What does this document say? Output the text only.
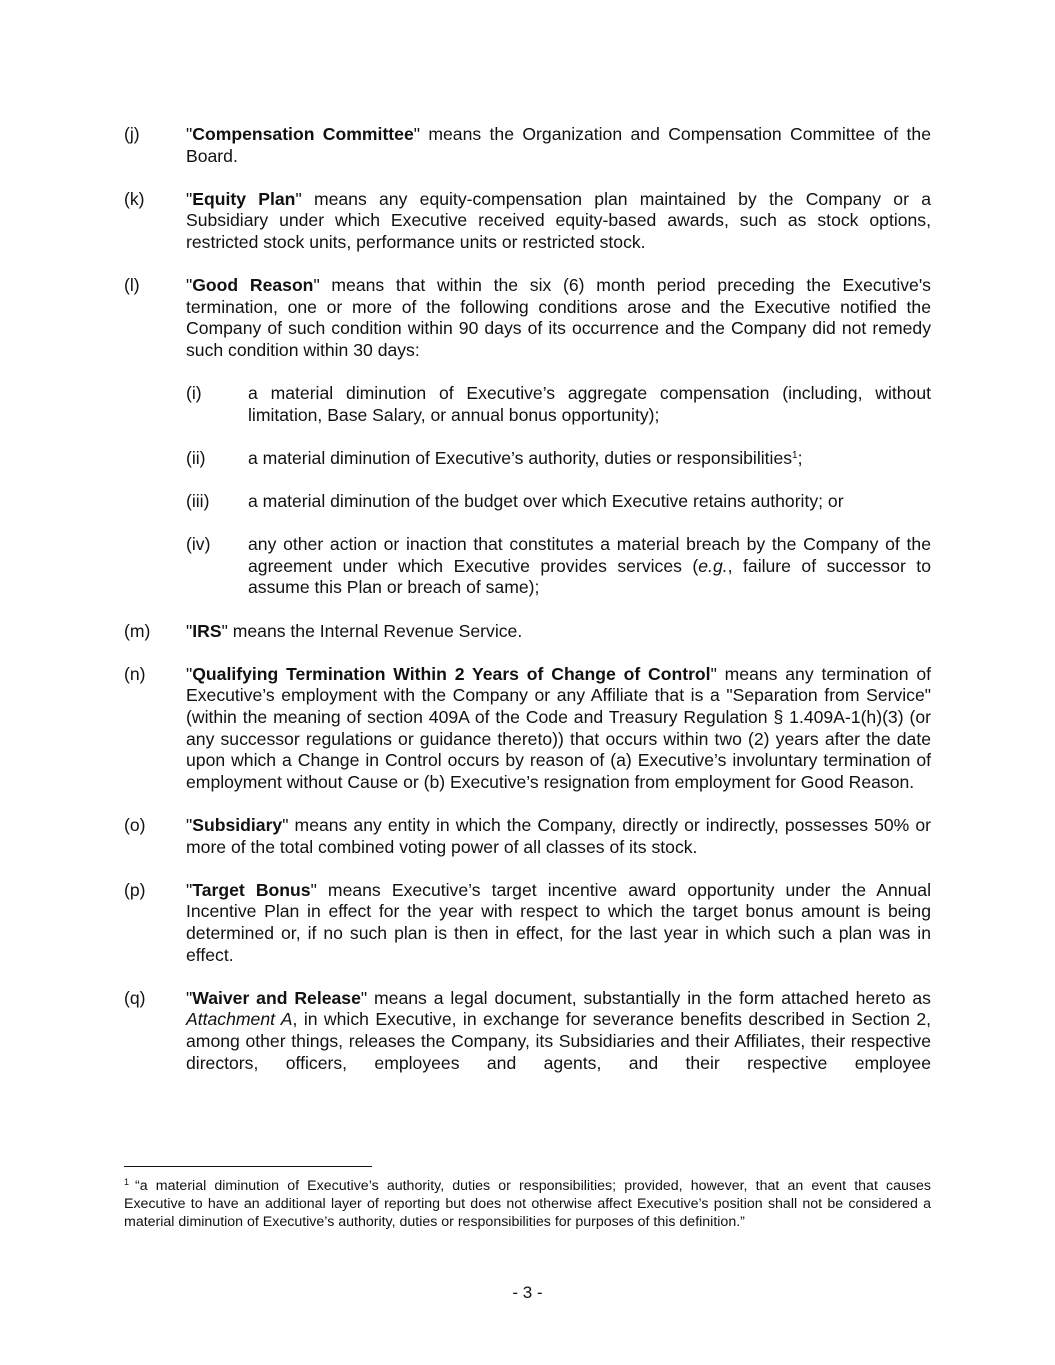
(j)	"Compensation Committee" means the Organization and Compensation Committee of the Board.
(k)	"Equity Plan" means any equity-compensation plan maintained by the Company or a Subsidiary under which Executive received equity-based awards, such as stock options, restricted stock units, performance units or restricted stock.
(l)	"Good Reason" means that within the six (6) month period preceding the Executive's termination, one or more of the following conditions arose and the Executive notified the Company of such condition within 90 days of its occurrence and the Company did not remedy such condition within 30 days:
(i)	a material diminution of Executive’s aggregate compensation (including, without limitation, Base Salary, or annual bonus opportunity);
(ii)	a material diminution of Executive’s authority, duties or responsibilities$^1$;
(iii)	a material diminution of the budget over which Executive retains authority; or
(iv)	any other action or inaction that constitutes a material breach by the Company of the agreement under which Executive provides services (e.g., failure of successor to assume this Plan or breach of same);
(m)	"IRS" means the Internal Revenue Service.
(n)	"Qualifying Termination Within 2 Years of Change of Control" means any termination of Executive’s employment with the Company or any Affiliate that is a "Separation from Service" (within the meaning of section 409A of the Code and Treasury Regulation § 1.409A-1(h)(3) (or any successor regulations or guidance thereto)) that occurs within two (2) years after the date upon which a Change in Control occurs by reason of (a) Executive’s involuntary termination of employment without Cause or (b) Executive’s resignation from employment for Good Reason.
(o)	"Subsidiary" means any entity in which the Company, directly or indirectly, possesses 50% or more of the total combined voting power of all classes of its stock.
(p)	"Target Bonus" means Executive’s target incentive award opportunity under the Annual Incentive Plan in effect for the year with respect to which the target bonus amount is being determined or, if no such plan is then in effect, for the last year in which such a plan was in effect.
(q)	"Waiver and Release" means a legal document, substantially in the form attached hereto as Attachment A, in which Executive, in exchange for severance benefits described in Section 2, among other things, releases the Company, its Subsidiaries and their Affiliates, their respective directors, officers, employees and agents, and their respective employee
$^1$ “a material diminution of Executive’s authority, duties or responsibilities; provided, however, that an event that causes Executive to have an additional layer of reporting but does not otherwise affect Executive’s position shall not be considered a material diminution of Executive’s authority, duties or responsibilities for purposes of this definition.”
- 3 -
